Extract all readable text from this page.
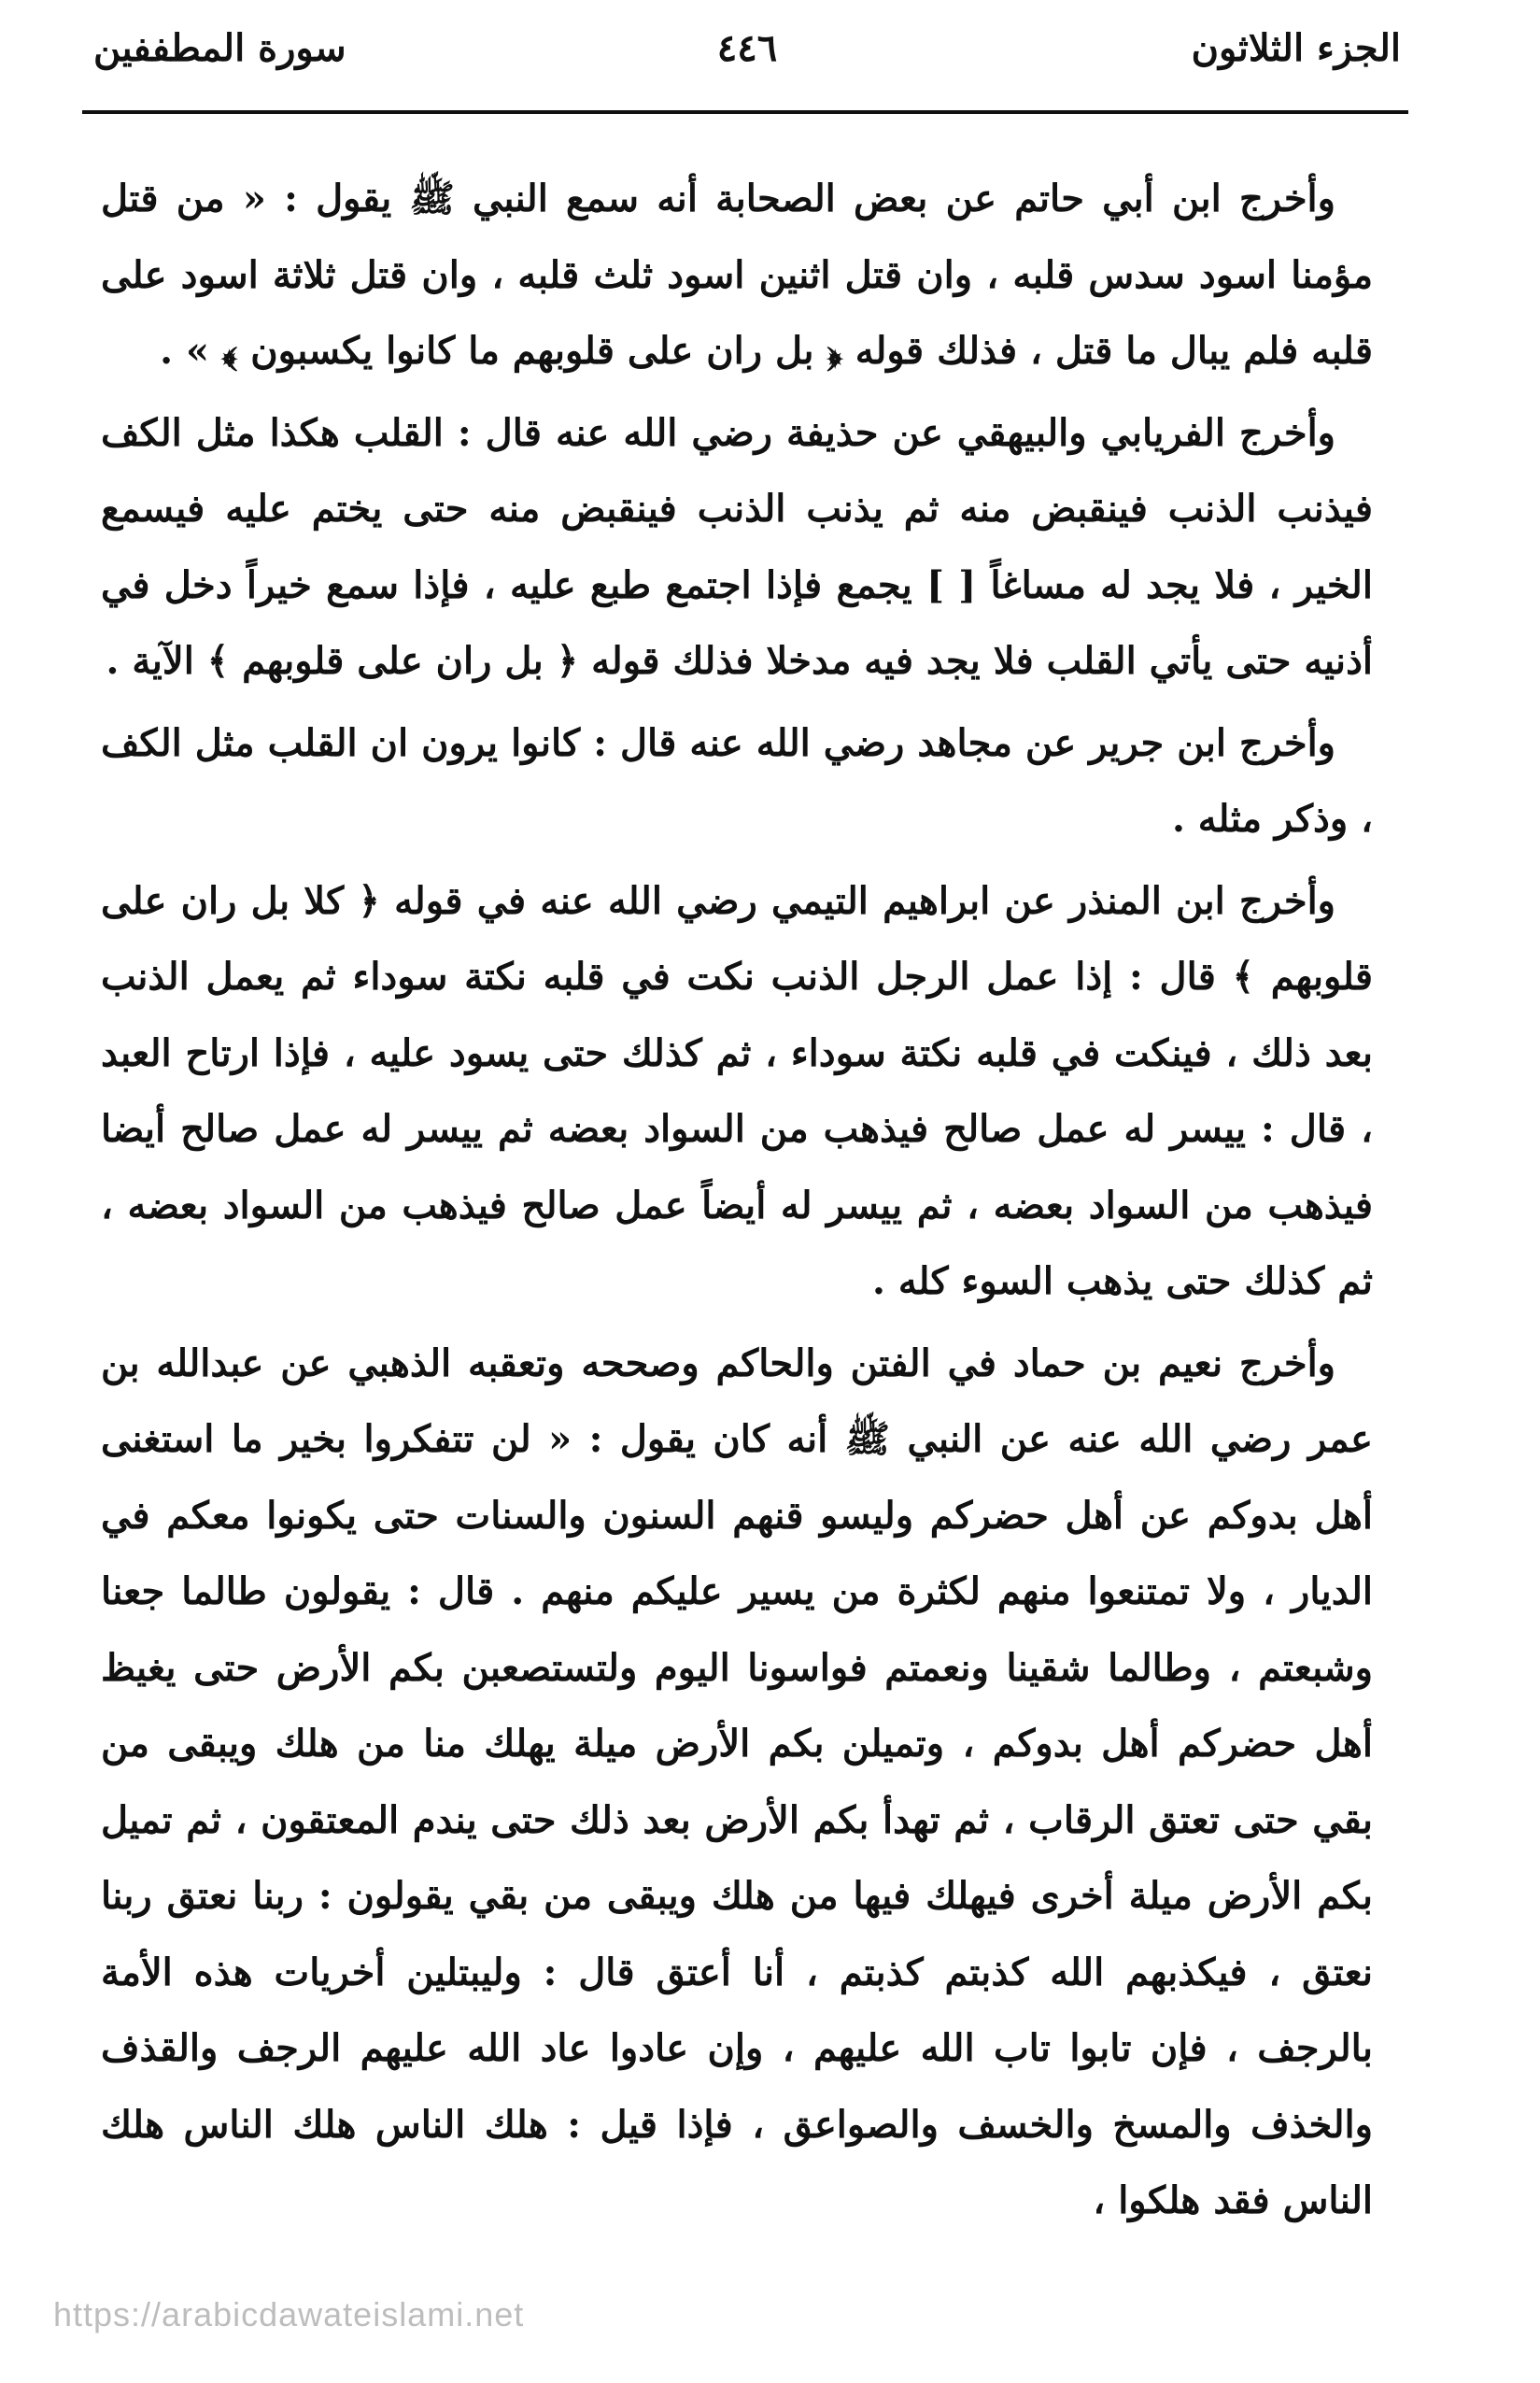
الجزء الثلاثون
٤٤٦
سورة المطففين

وأخرج ابن أبي حاتم عن بعض الصحابة أنه سمع النبي ﷺ يقول : « من قتل مؤمنا اسود سدس قلبه ، وان قتل اثنين اسود ثلث قلبه ، وان قتل ثلاثة اسود على قلبه فلم يبال ما قتل ، فذلك قوله ﴿ بل ران على قلوبهم ما كانوا يكسبون ﴾ » .

وأخرج الفريابي والبيهقي عن حذيفة رضي الله عنه قال : القلب هكذا مثل الكف فيذنب الذنب فينقبض منه ثم يذنب الذنب فينقبض منه حتى يختم عليه فيسمع الخير ، فلا يجد له مساغاً [ ] يجمع فإذا اجتمع طبع عليه ، فإذا سمع خيراً دخل في أذنيه حتى يأتي القلب فلا يجد فيه مدخلا فذلك قوله ﴿ بل ران على قلوبهم ﴾ الآية .

وأخرج ابن جرير عن مجاهد رضي الله عنه قال : كانوا يرون ان القلب مثل الكف ، وذكر مثله .

وأخرج ابن المنذر عن ابراهيم التيمي رضي الله عنه في قوله ﴿ كلا بل ران على قلوبهم ﴾ قال : إذا عمل الرجل الذنب نكت في قلبه نكتة سوداء ثم يعمل الذنب بعد ذلك ، فينكت في قلبه نكتة سوداء ، ثم كذلك حتى يسود عليه ، فإذا ارتاح العبد ، قال : ييسر له عمل صالح فيذهب من السواد بعضه ثم ييسر له عمل صالح أيضا فيذهب من السواد بعضه ، ثم ييسر له أيضاً عمل صالح فيذهب من السواد بعضه ، ثم كذلك حتى يذهب السوء كله .

وأخرج نعيم بن حماد في الفتن والحاكم وصححه وتعقبه الذهبي عن عبدالله بن عمر رضي الله عنه عن النبي ﷺ أنه كان يقول : « لن تتفكروا بخير ما استغنى أهل بدوكم عن أهل حضركم وليسو قنهم السنون والسنات حتى يكونوا معكم في الديار ، ولا تمتنعوا منهم لكثرة من يسير عليكم منهم . قال : يقولون طالما جعنا وشبعتم ، وطالما شقينا ونعمتم فواسونا اليوم ولتستصعبن بكم الأرض حتى يغيظ أهل حضركم أهل بدوكم ، وتميلن بكم الأرض ميلة يهلك منا من هلك ويبقى من بقي حتى تعتق الرقاب ، ثم تهدأ بكم الأرض بعد ذلك حتى يندم المعتقون ، ثم تميل بكم الأرض ميلة أخرى فيهلك فيها من هلك ويبقى من بقي يقولون : ربنا نعتق ربنا نعتق ، فيكذبهم الله كذبتم كذبتم ، أنا أعتق قال : وليبتلين أخريات هذه الأمة بالرجف ، فإن تابوا تاب الله عليهم ، وإن عادوا عاد الله عليهم الرجف والقذف والخذف والمسخ والخسف والصواعق ، فإذا قيل : هلك الناس هلك الناس هلك الناس فقد هلكوا ،

https://arabicdawateislami.net
